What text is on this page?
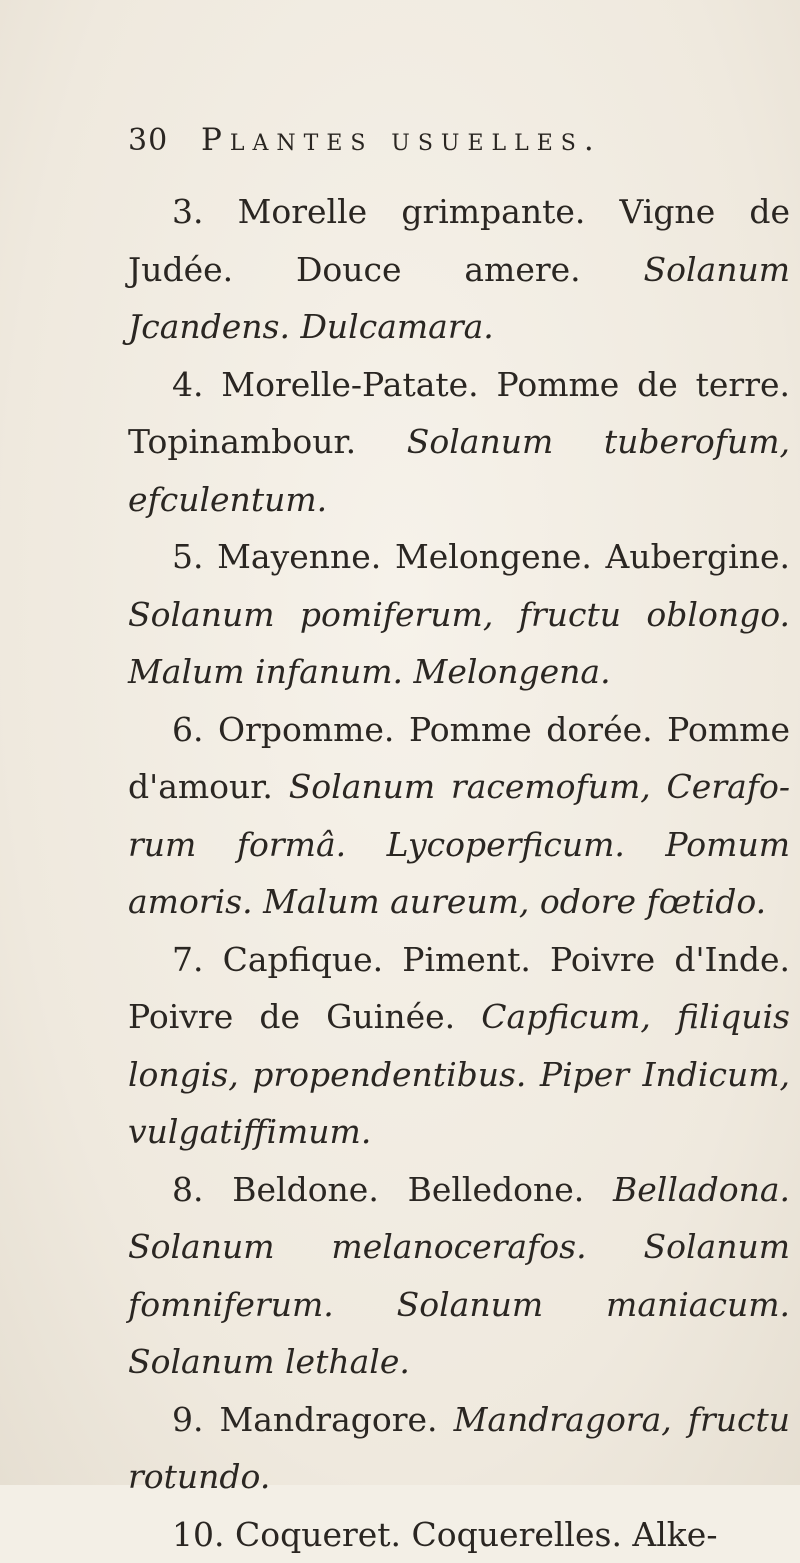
30 Plantes usuelles.

3. Morelle grimpante. Vigne de Judée. Douce amere. Solanum Jcandens. Dulcamara.

4. Morelle-Patate. Pomme de terre. Topinambour. Solanum tuberofum, efculentum.

5. Mayenne. Melongene. Aubergine. Solanum pomiferum, fructu oblongo. Malum infanum. Melongena.

6. Orpomme. Pomme dorée. Pomme d'amour. Solanum racemofum, Cerafo-rum formâ. Lycoperficum. Pomum amoris. Malum aureum, odore fœtido.

7. Capfique. Piment. Poivre d'Inde. Poivre de Guinée. Capficum, filiquis longis, propendentibus. Piper Indicum, vulgatiffimum.

8. Beldone. Belledone. Belladona. Solanum melanocerafos. Solanum fomniferum. Solanum maniacum. Solanum lethale.

9. Mandragore. Mandragora, fructu rotundo.

10. Coqueret. Coquerelles. Alke-
